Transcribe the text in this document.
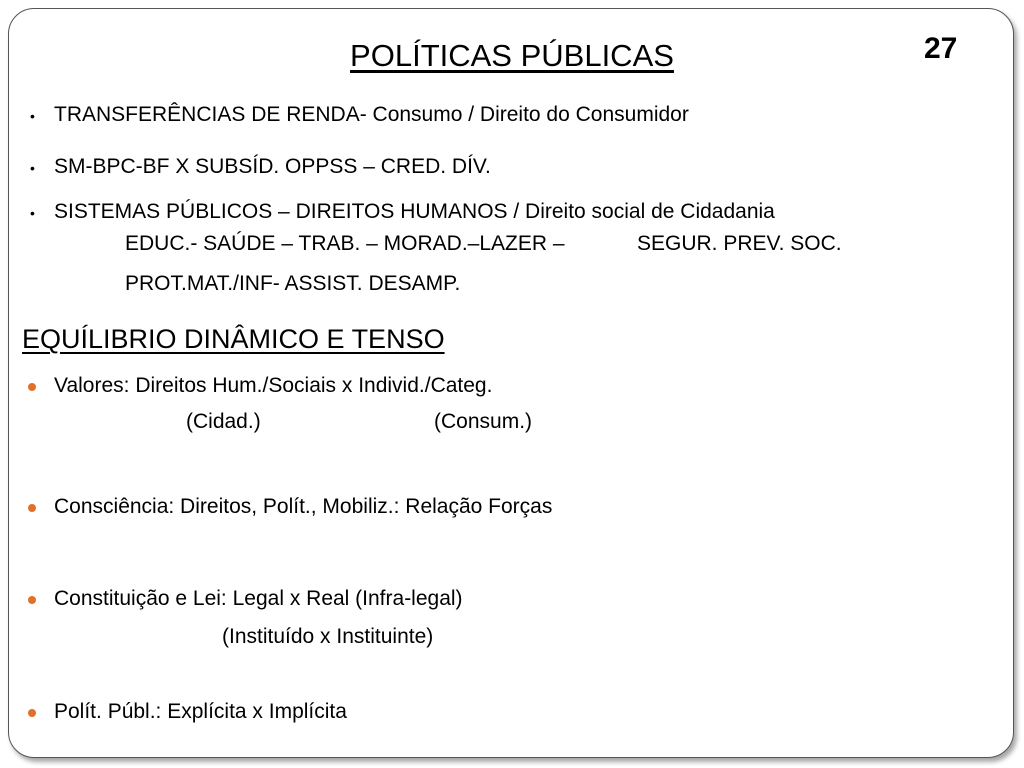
POLÍTICAS PÚBLICAS	27
• TRANSFERÊNCIAS DE RENDA- Consumo / Direito do Consumidor
• SM-BPC-BF X SUBSÍD. OPPSS – CRED. DÍV.
• SISTEMAS PÚBLICOS – DIREITOS HUMANOS / Direito social de Cidadania
EDUC.- SAÚDE – TRAB. – MORAD.–LAZER –	SEGUR. PREV. SOC.
PROT.MAT./INF- ASSIST. DESAMP.
EQUÍLIBRIO DINÂMICO E TENSO
Valores: Direitos Hum./Sociais x Individ./Categ.
(Cidad.)	(Consum.)
Consciência: Direitos, Polít., Mobiliz.: Relação Forças
Constituição e Lei: Legal x Real (Infra-legal)
(Instituído x Instituinte)
Polít. Públ.: Explícita x Implícita
